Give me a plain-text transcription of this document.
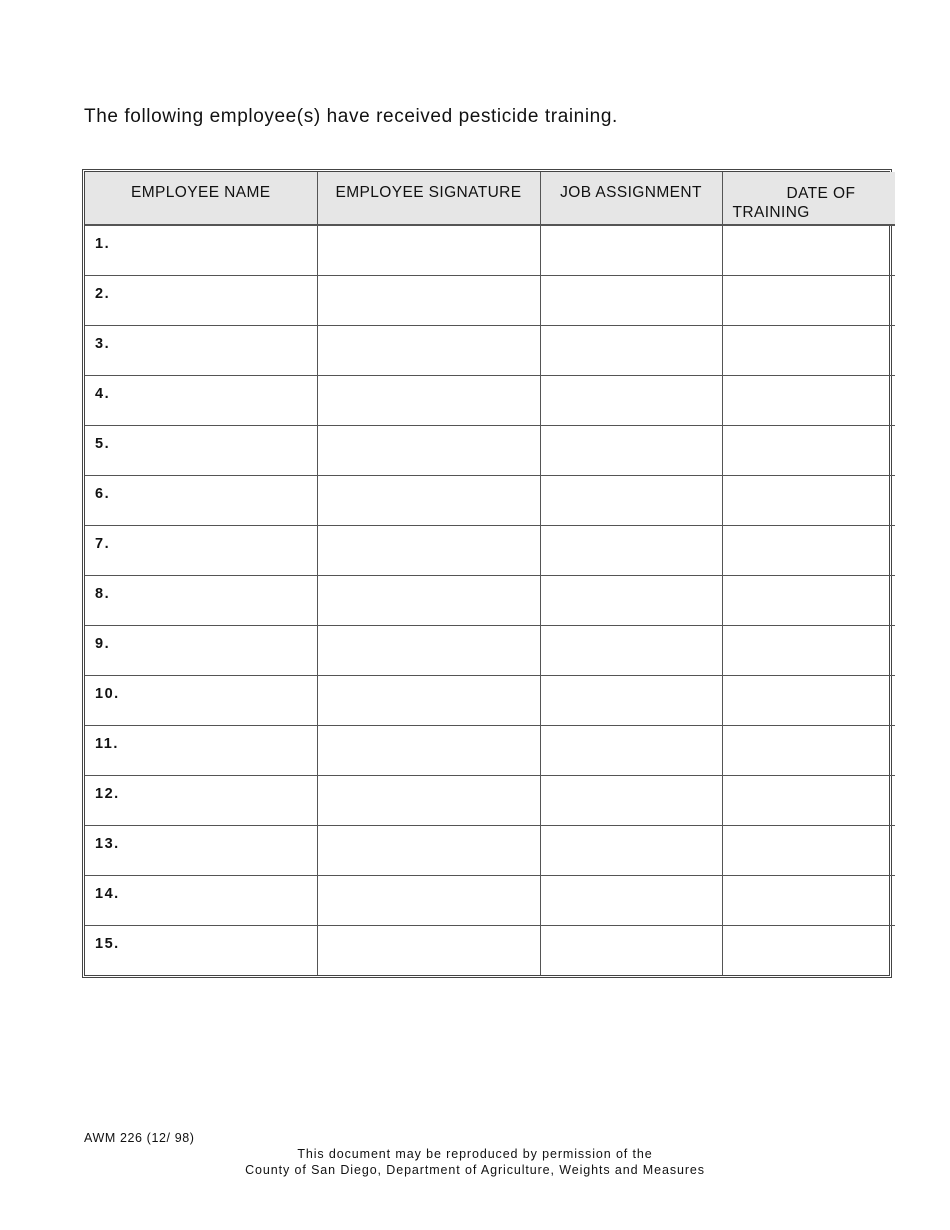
The following employee(s) have received pesticide training.

EMPLOYEE NAME	EMPLOYEE SIGNATURE	JOB ASSIGNMENT	DATE OF
TRAINING

1.			
2.			
3.			
4.			
5.			
6.			
7.			
8.			
9.			
10.			
11.			
12.			
13.			
14.			
15.			
AWM 226 (12/ 98)
This document may be reproduced by permission of the
County of San Diego, Department of Agriculture, Weights and Measures
